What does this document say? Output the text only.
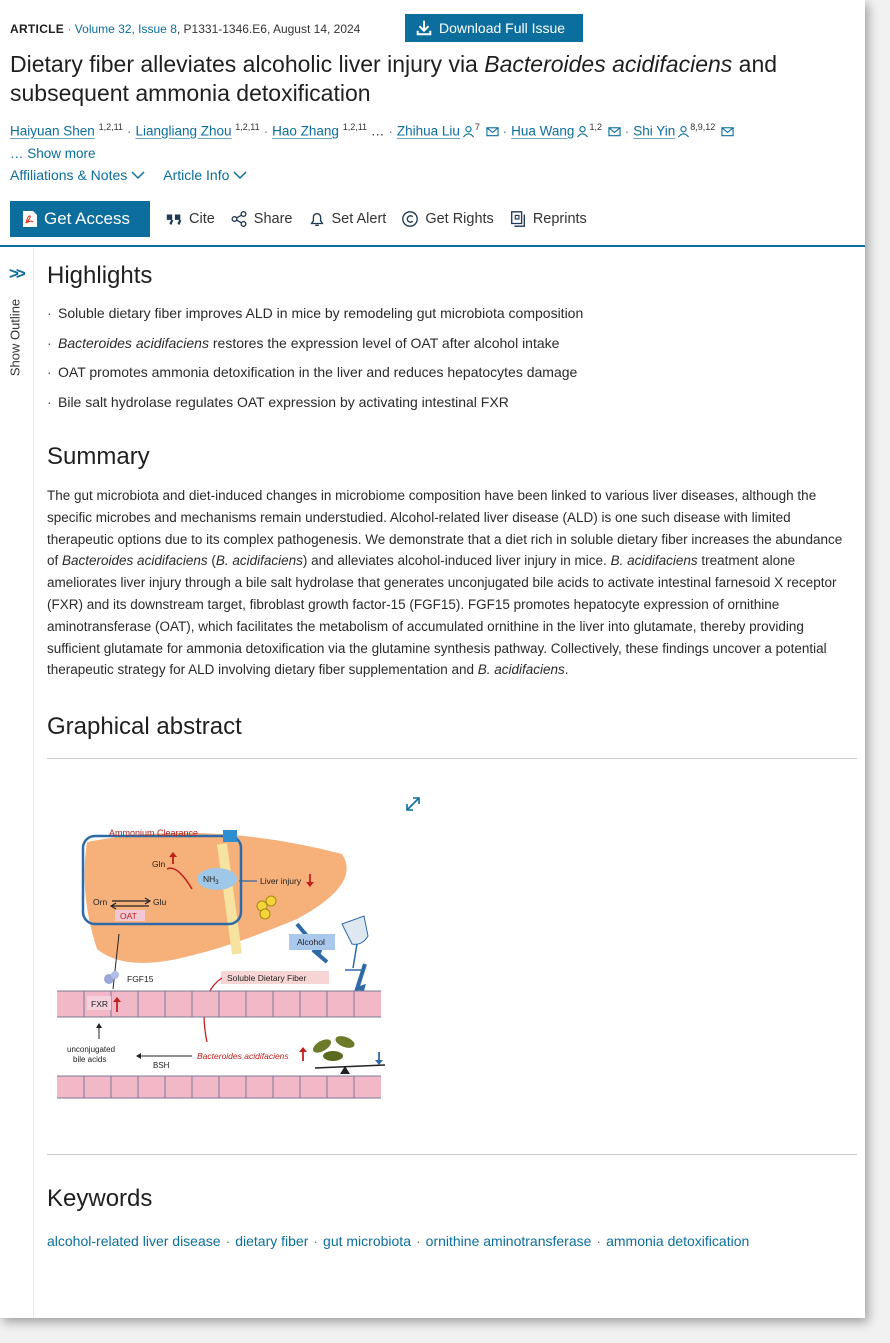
ARTICLE · Volume 32, Issue 8, P1331-1346.E6, August 14, 2024	Download Full Issue
Dietary fiber alleviates alcoholic liver injury via Bacteroides acidifaciens and subsequent ammonia detoxification
Haiyuan Shen $^{1,2,11}$ · Liangliang Zhou $^{1,2,11}$ · Hao Zhang $^{1,2,11}$ … · Zhihua Liu $^7$ · Hua Wang $^{1,2}$ · Shi Yin $^{8,9,12}$

… Show more
Affiliations & Notes	Article Info
Get Access	Cite	Share	Set Alert	Get Rights	Reprints
>>
Show Outline
Highlights
· Soluble dietary fiber improves ALD in mice by remodeling gut microbiota composition
· Bacteroides acidifaciens restores the expression level of OAT after alcohol intake
· OAT promotes ammonia detoxification in the liver and reduces hepatocytes damage
· Bile salt hydrolase regulates OAT expression by activating intestinal FXR
Summary

The gut microbiota and diet-induced changes in microbiome composition have been linked to various liver diseases, although the specific microbes and mechanisms remain understudied. Alcohol-related liver disease (ALD) is one such disease with limited therapeutic options due to its complex pathogenesis. We demonstrate that a diet rich in soluble dietary fiber increases the abundance of Bacteroides acidifaciens (B. acidifaciens) and alleviates alcohol-induced liver injury in mice. B. acidifaciens treatment alone ameliorates liver injury through a bile salt hydrolase that generates unconjugated bile acids to activate intestinal farnesoid X receptor (FXR) and its downstream target, fibroblast growth factor-15 (FGF15). FGF15 promotes hepatocyte expression of ornithine aminotransferase (OAT), which facilitates the metabolism of accumulated ornithine in the liver into glutamate, thereby providing sufficient glutamate for ammonia detoxification via the glutamine synthesis pathway. Collectively, these findings uncover a potential therapeutic strategy for ALD involving dietary fiber supplementation and B. acidifaciens.

Graphical abstract
Ammonium Clearance
Gln
$NH_3$	Liver injury
Orn	Glu
OAT
Alcohol
FGF15	Soluble Dietary Fiber
FXR
unconjugated
bile acids
BSH
Bacteroides acidifaciens
Keywords
alcohol-related liver disease · dietary fiber · gut microbiota · ornithine aminotransferase · ammonia detoxification
